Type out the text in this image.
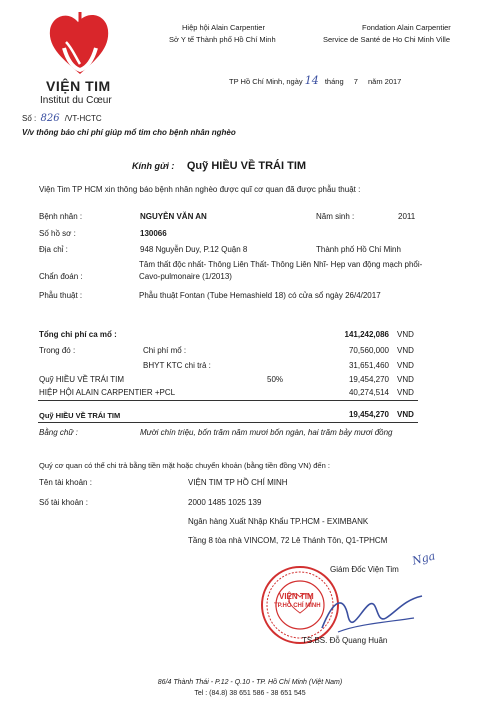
VIỆN TIM
Institut du Cœur
Hiệp hội Alain Carpentier
Sở Y tế Thành phố Hồ Chí Minh
Fondation Alain Carpentier
Service de Santé de Ho Chi Minh Ville
TP Hồ Chí Minh, ngày 14 tháng 7 năm 2017
Số : 826 /VT-HCTC
V/v thông báo chi phí giúp mổ tim cho bệnh nhân nghèo
Kính gửi : Quỹ HIỀU VỀ TRÁI TIM
Viện Tim TP HCM xin thông báo bệnh nhân nghèo được quĩ cơ quan đã được phẫu thuật :
Bệnh nhân :	NGUYỄN VĂN AN	Năm sinh :	2011
Số hồ sơ :	130066
Địa chỉ :	948 Nguyễn Duy, P.12 Quận 8	Thành phố Hồ Chí Minh
Tâm thất độc nhất- Thông Liên Thất- Thông Liên Nhĩ- Hẹp van động mạch phổi-
Chẩn đoán :	Cavo-pulmonaire (1/2013)
Phẫu thuật :	Phẫu thuật Fontan (Tube Hemashield 18) có cửa sổ ngày 26/4/2017
Tổng chi phí ca mổ :	141,242,086 VND
Trong đó :	Chi phí mổ :	70,560,000 VND
BHYT KTC chi trả :	31,651,460 VND
Quỹ HIỀU VỀ TRÁI TIM	50%	19,454,270 VND
HIỆP HỘI ALAIN CARPENTIER +PCL	40,274,514 VND
Quỹ HIỀU VỀ TRÁI TIM	19,454,270 VND
Bằng chữ :	Mười chín triệu, bốn trăm năm mươi bốn ngàn, hai trăm bảy mươi đồng
Quý cơ quan có thể chi trả bằng tiền mặt hoặc chuyển khoản (bằng tiền đồng VN) đến :
Tên tài khoản :	VIỆN TIM TP HỒ CHÍ MINH
Số tài khoản :	2000 1485 1025 139
Ngân hàng Xuất Nhập Khẩu TP.HCM - EXIMBANK
Tầng 8 tòa nhà VINCOM, 72 Lê Thánh Tôn, Q1-TPHCM
Nga
Giám Đốc Viện Tim
VIỆN TIM
TP.HỒ CHÍ MINH
TS.BS. Đỗ Quang Huân
86/4 Thành Thái - P.12 - Q.10 - TP. Hồ Chí Minh (Việt Nam)
Tel : (84.8) 38 651 586 - 38 651 545
